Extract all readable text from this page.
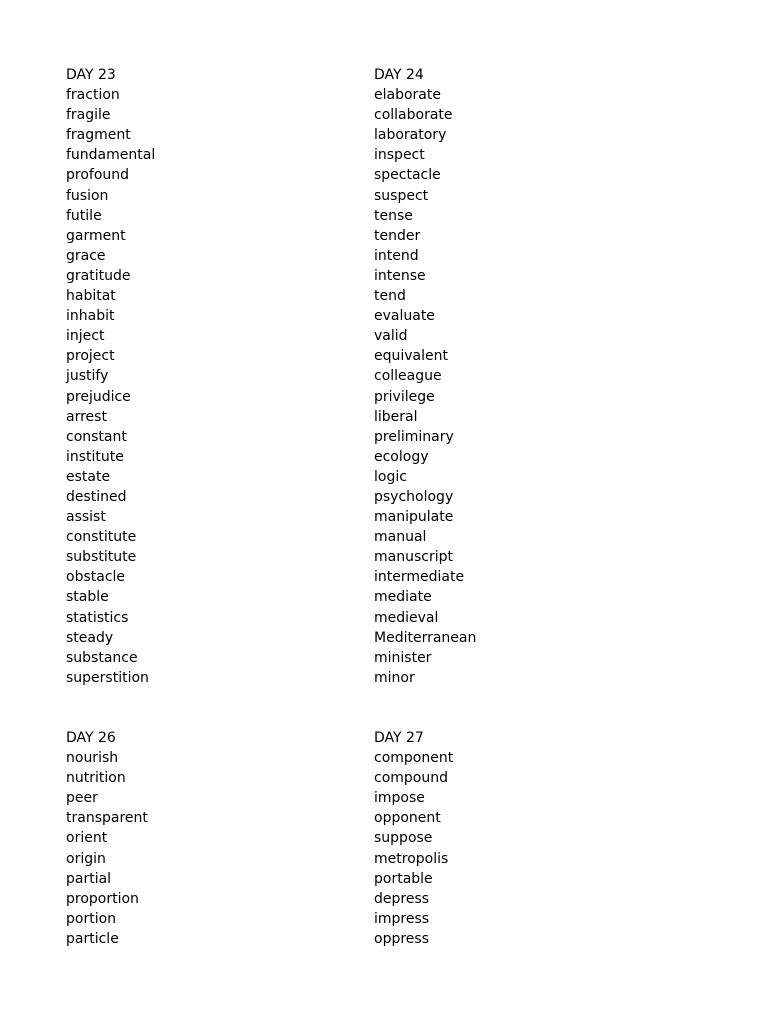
DAY 23
fraction
fragile
fragment
fundamental
profound
fusion
futile
garment
grace
gratitude
habitat
inhabit
inject
project
justify
prejudice
arrest
constant
institute
estate
destined
assist
constitute
substitute
obstacle
stable
statistics
steady
substance
superstition
DAY 24
elaborate
collaborate
laboratory
inspect
spectacle
suspect
tense
tender
intend
intense
tend
evaluate
valid
equivalent
colleague
privilege
liberal
preliminary
ecology
logic
psychology
manipulate
manual
manuscript
intermediate
mediate
medieval
Mediterranean
minister
minor
DAY 26
nourish
nutrition
peer
transparent
orient
origin
partial
proportion
portion
particle
DAY 27
component
compound
impose
opponent
suppose
metropolis
portable
depress
impress
oppress
